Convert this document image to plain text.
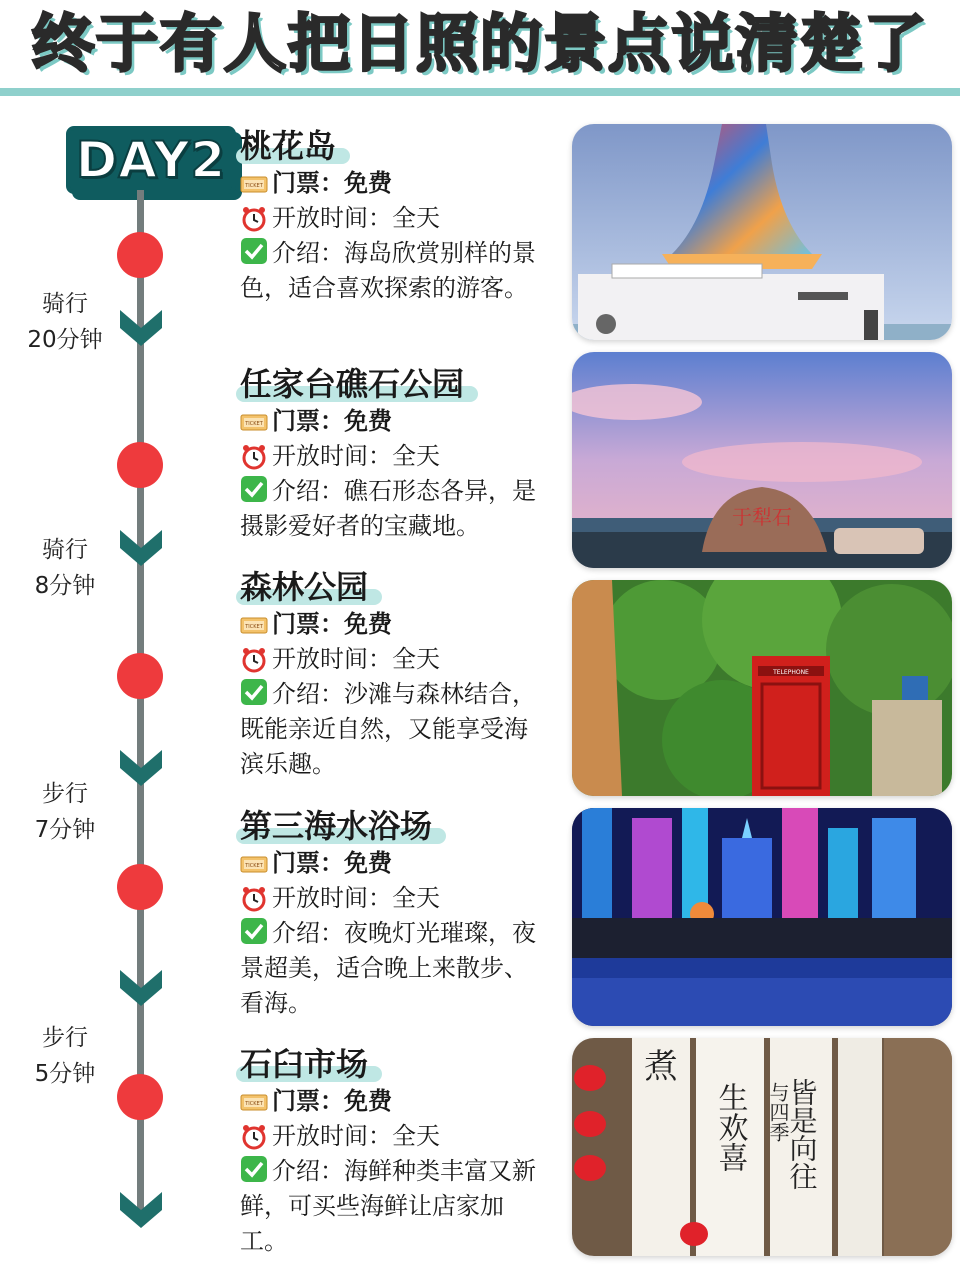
终于有人把日照的景点说清楚了
DAY2
骑行
20分钟
骑行
8分钟
步行
7分钟
步行
5分钟
桃花岛
TICKET 门票： 免费
开放时间： 全天
介绍：海岛欣赏别样的景色，适合喜欢探索的游客。
任家台礁石公园
TICKET 门票： 免费
开放时间： 全天
介绍：礁石形态各异，是摄影爱好者的宝藏地。
森林公园
TICKET 门票： 免费
开放时间： 全天
介绍：沙滩与森林结合，既能亲近自然，又能享受海滨乐趣。
第三海水浴场
TICKET 门票： 免费
开放时间： 全天
介绍：夜晚灯光璀璨，夜景超美，适合晚上来散步、看海。
石臼市场
TICKET 门票： 免费
开放时间： 全天
介绍：海鲜种类丰富又新鲜，可买些海鲜让店家加工。
于犁石
TELEPHONE
煮
生欢喜 皆是向往
与四季
